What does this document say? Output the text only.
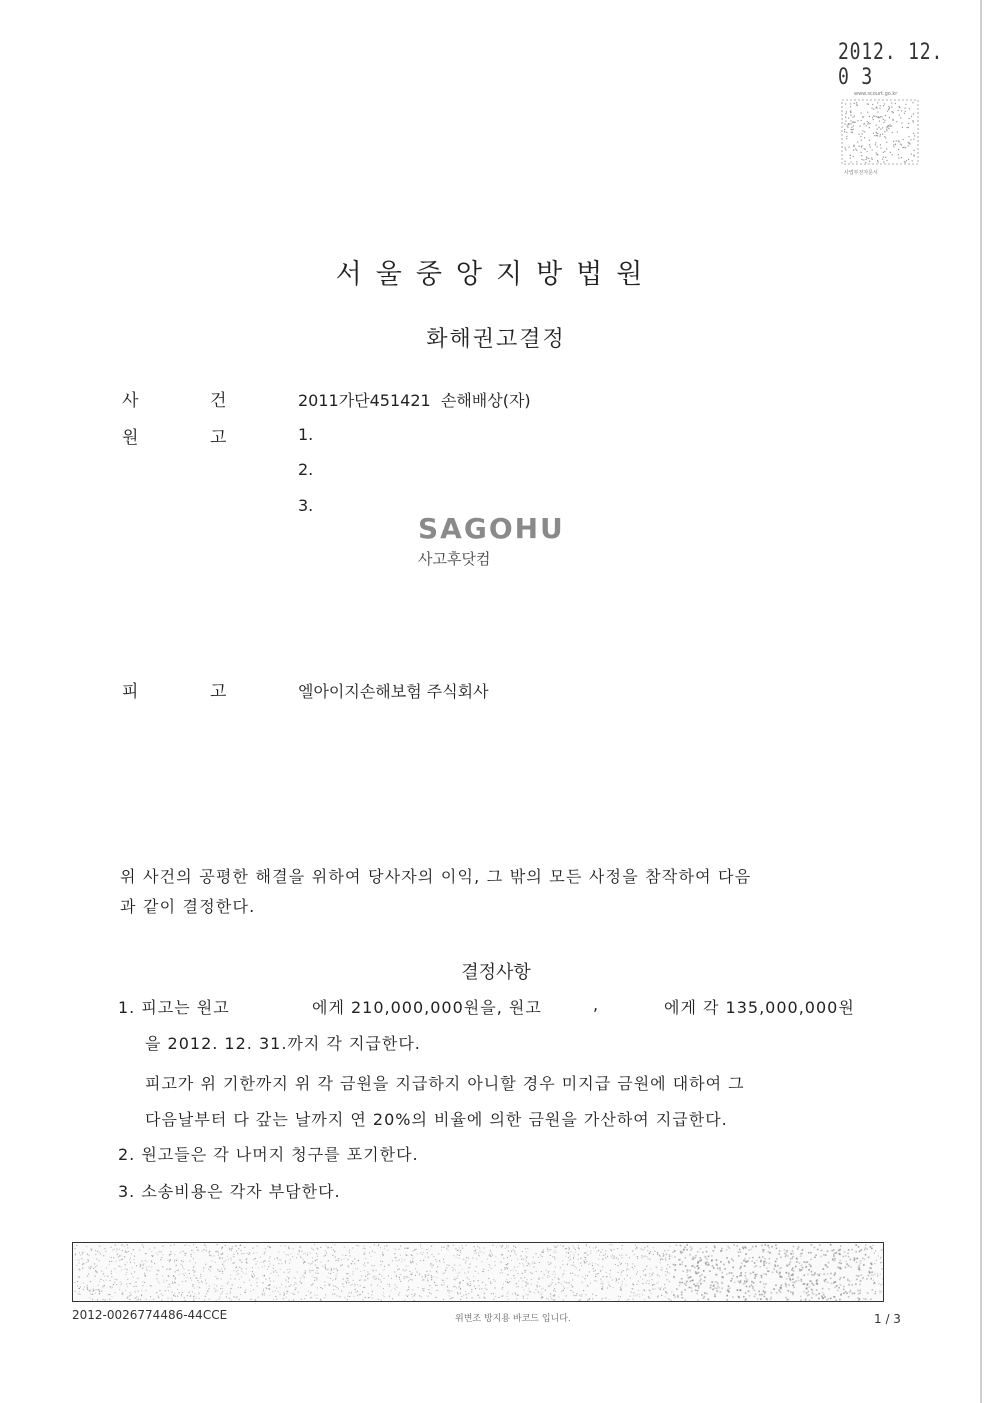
2012. 12. 0 3
www.scourt.go.kr
사법부전자문서
서울중앙지방법원
화해권고결정
사	건	2011가단451421  손해배상(자)
원	고	1.
2.
3.
SAGOHU
사고후닷컴
피	고	엘아이지손해보험 주식회사
위 사건의 공평한 해결을 위하여 당사자의 이익, 그 밖의 모든 사정을 참작하여 다음
과 같이 결정한다.
결정사항
1. 피고는 원고	에게 210,000,000원을, 원고	,	에게 각 135,000,000원
을 2012. 12. 31.까지 각 지급한다.
피고가 위 기한까지 위 각 금원을 지급하지 아니할 경우 미지급 금원에 대하여 그
다음날부터 다 갚는 날까지 연 20%의 비율에 의한 금원을 가산하여 지급한다.
2. 원고들은 각 나머지 청구를 포기한다.
3. 소송비용은 각자 부담한다.
2012-0026774486-44CCE	위변조 방지용 바코드 입니다.	1 / 3
